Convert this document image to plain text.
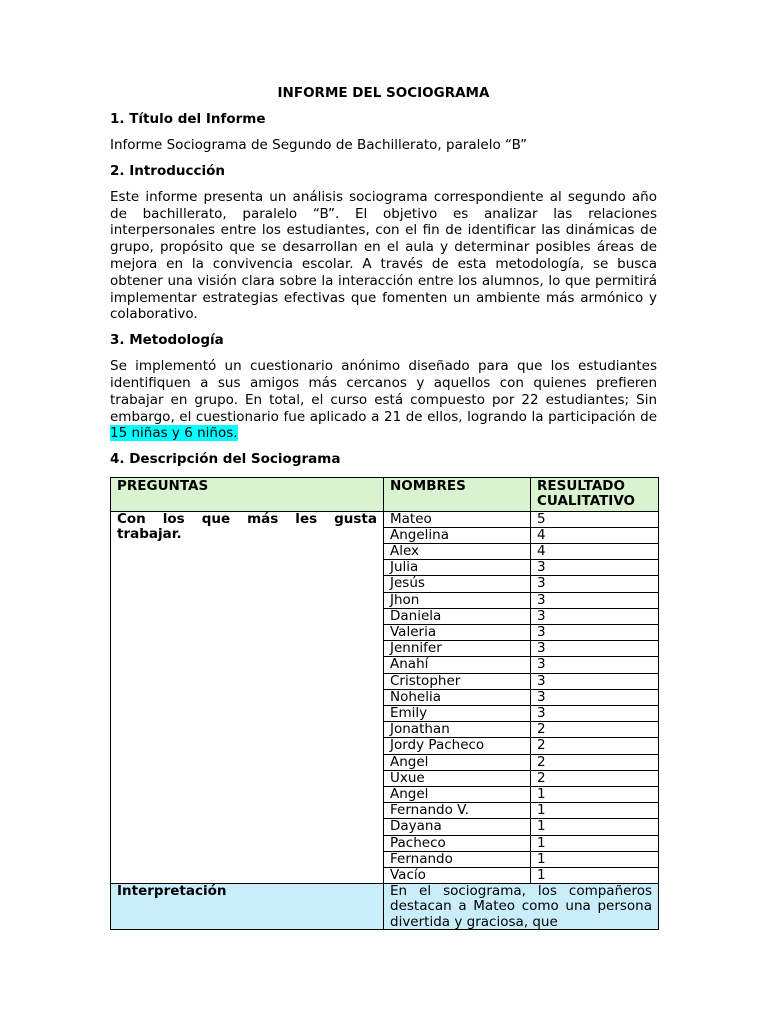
INFORME DEL SOCIOGRAMA

1. Título del Informe

Informe Sociograma de Segundo de Bachillerato, paralelo “B”

2. Introducción

Este informe presenta un análisis sociograma correspondiente al segundo año de bachillerato, paralelo “B”. El objetivo es analizar las relaciones interpersonales entre los estudiantes, con el fin de identificar las dinámicas de grupo, propósito que se desarrollan en el aula y determinar posibles áreas de mejora en la convivencia escolar. A través de esta metodología, se busca obtener una visión clara sobre la interacción entre los alumnos, lo que permitirá implementar estrategias efectivas que fomenten un ambiente más armónico y colaborativo.

3. Metodología

Se implementó un cuestionario anónimo diseñado para que los estudiantes identifiquen a sus amigos más cercanos y aquellos con quienes prefieren trabajar en grupo. En total, el curso está compuesto por 22 estudiantes; Sin embargo, el cuestionario fue aplicado a 21 de ellos, logrando la participación de 15 niñas y 6 niños.

4. Descripción del Sociograma

PREGUNTAS	NOMBRES	RESULTADO CUALITATIVO
Con los que más les gusta trabajar.	Mateo	5
	Angelina	4
	Alex	4
	Julia	3
	Jesús	3
	Jhon	3
	Daniela	3
	Valeria	3
	Jennifer	3
	Anahí	3
	Cristopher	3
	Nohelia	3
	Emily	3
	Jonathan	2
	Jordy Pacheco	2
	Angel	2
	Uxue	2
	Angel	1
	Fernando V.	1
	Dayana	1
	Pacheco	1
	Fernando	1
	Vacío	1
Interpretación	En el sociograma, los compañeros destacan a Mateo como una persona divertida y graciosa, que	
